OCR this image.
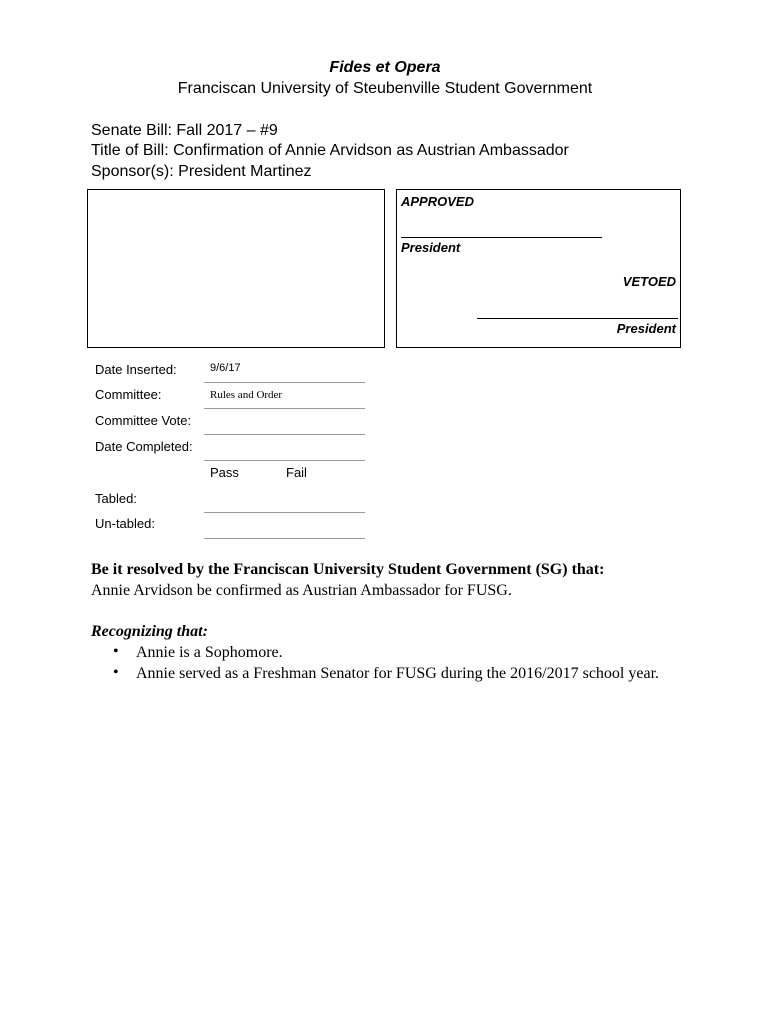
Fides et Opera
Franciscan University of Steubenville Student Government
Senate Bill: Fall 2017 – #9
Title of Bill: Confirmation of Annie Arvidson as Austrian Ambassador
Sponsor(s): President Martinez
APPROVED
President
VETOED
President
Date Inserted:	9/6/17
Committee:	Rules and Order
Committee Vote:
Date Completed:
Pass	Fail
Tabled:
Un-tabled:
Be it resolved by the Franciscan University Student Government (SG) that:
Annie Arvidson be confirmed as Austrian Ambassador for FUSG.
Recognizing that:
• Annie is a Sophomore.
• Annie served as a Freshman Senator for FUSG during the 2016/2017 school year.
